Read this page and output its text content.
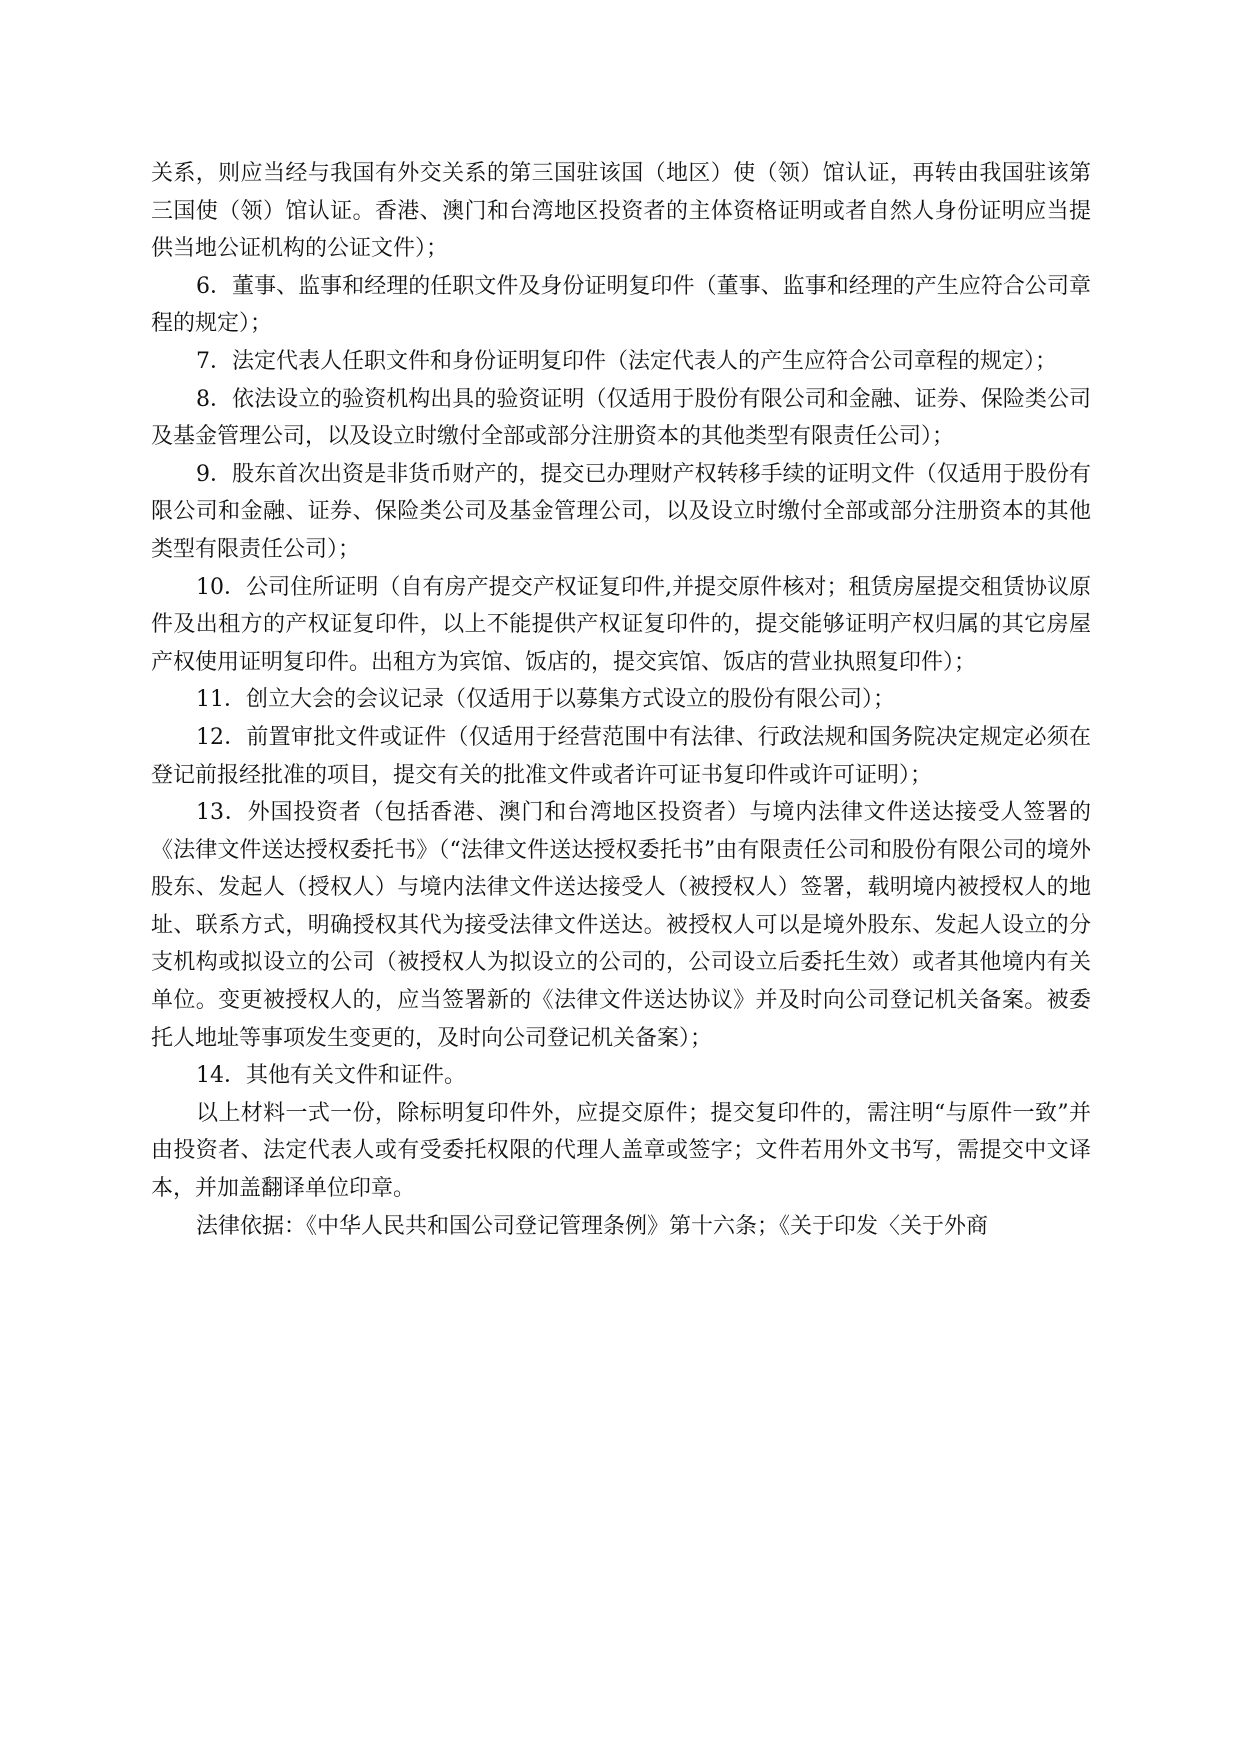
关系，则应当经与我国有外交关系的第三国驻该国（地区）使（领）馆认证，再转由我国驻该第三国使（领）馆认证。香港、澳门和台湾地区投资者的主体资格证明或者自然人身份证明应当提供当地公证机构的公证文件）；

6．董事、监事和经理的任职文件及身份证明复印件（董事、监事和经理的产生应符合公司章程的规定）；

7．法定代表人任职文件和身份证明复印件（法定代表人的产生应符合公司章程的规定）；

8．依法设立的验资机构出具的验资证明（仅适用于股份有限公司和金融、证券、保险类公司及基金管理公司，以及设立时缴付全部或部分注册资本的其他类型有限责任公司）；

9．股东首次出资是非货币财产的，提交已办理财产权转移手续的证明文件（仅适用于股份有限公司和金融、证券、保险类公司及基金管理公司，以及设立时缴付全部或部分注册资本的其他类型有限责任公司）；

10．公司住所证明（自有房产提交产权证复印件,并提交原件核对；租赁房屋提交租赁协议原件及出租方的产权证复印件，以上不能提供产权证复印件的，提交能够证明产权归属的其它房屋产权使用证明复印件。出租方为宾馆、饭店的，提交宾馆、饭店的营业执照复印件）；

11．创立大会的会议记录（仅适用于以募集方式设立的股份有限公司）；

12．前置审批文件或证件（仅适用于经营范围中有法律、行政法规和国务院决定规定必须在登记前报经批准的项目，提交有关的批准文件或者许可证书复印件或许可证明）；

13．外国投资者（包括香港、澳门和台湾地区投资者）与境内法律文件送达接受人签署的《法律文件送达授权委托书》（“法律文件送达授权委托书”由有限责任公司和股份有限公司的境外股东、发起人（授权人）与境内法律文件送达接受人（被授权人）签署，载明境内被授权人的地址、联系方式，明确授权其代为接受法律文件送达。被授权人可以是境外股东、发起人设立的分支机构或拟设立的公司（被授权人为拟设立的公司的，公司设立后委托生效）或者其他境内有关单位。变更被授权人的，应当签署新的《法律文件送达协议》并及时向公司登记机关备案。被委托人地址等事项发生变更的，及时向公司登记机关备案）；

14．其他有关文件和证件。

以上材料一式一份，除标明复印件外，应提交原件；提交复印件的，需注明“与原件一致”并由投资者、法定代表人或有受委托权限的代理人盖章或签字；文件若用外文书写，需提交中文译本，并加盖翻译单位印章。

法律依据：《中华人民共和国公司登记管理条例》第十六条；《关于印发〈关于外商
